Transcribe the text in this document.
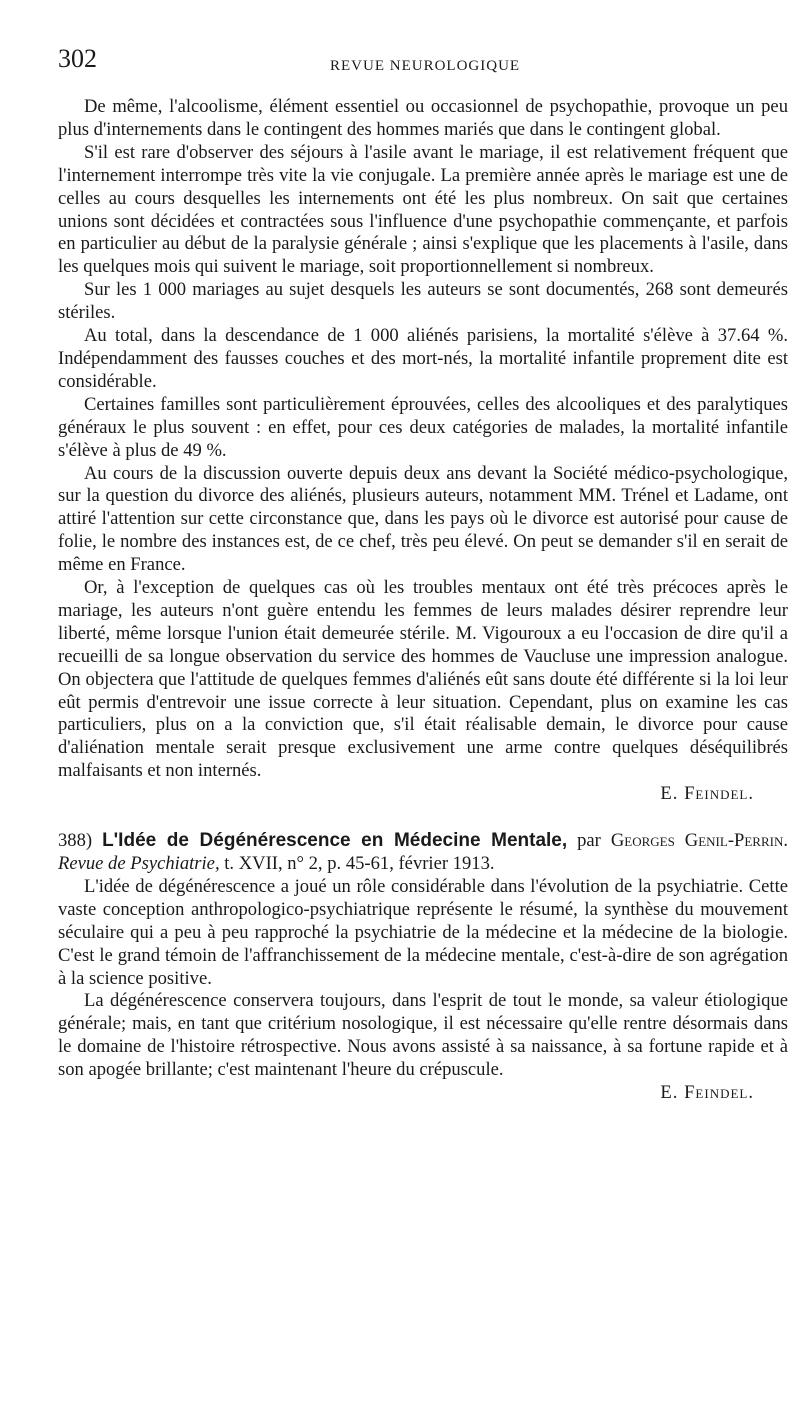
302	REVUE NEUROLOGIQUE

De même, l'alcoolisme, élément essentiel ou occasionnel de psychopathie, provoque un peu plus d'internements dans le contingent des hommes mariés que dans le contingent global.

S'il est rare d'observer des séjours à l'asile avant le mariage, il est relativement fréquent que l'internement interrompe très vite la vie conjugale. La première année après le mariage est une de celles au cours desquelles les internements ont été les plus nombreux. On sait que certaines unions sont décidées et contractées sous l'influence d'une psychopathie commençante, et parfois en particulier au début de la paralysie générale ; ainsi s'explique que les placements à l'asile, dans les quelques mois qui suivent le mariage, soit proportionnellement si nombreux.

Sur les 1 000 mariages au sujet desquels les auteurs se sont documentés, 268 sont demeurés stériles.

Au total, dans la descendance de 1 000 aliénés parisiens, la mortalité s'élève à 37.64 %. Indépendamment des fausses couches et des mort-nés, la mortalité infantile proprement dite est considérable.

Certaines familles sont particulièrement éprouvées, celles des alcooliques et des paralytiques généraux le plus souvent : en effet, pour ces deux catégories de malades, la mortalité infantile s'élève à plus de 49 %.

Au cours de la discussion ouverte depuis deux ans devant la Société médico-psychologique, sur la question du divorce des aliénés, plusieurs auteurs, notamment MM. Trénel et Ladame, ont attiré l'attention sur cette circonstance que, dans les pays où le divorce est autorisé pour cause de folie, le nombre des instances est, de ce chef, très peu élevé. On peut se demander s'il en serait de même en France.

Or, à l'exception de quelques cas où les troubles mentaux ont été très précoces après le mariage, les auteurs n'ont guère entendu les femmes de leurs malades désirer reprendre leur liberté, même lorsque l'union était demeurée stérile. M. Vigouroux a eu l'occasion de dire qu'il a recueilli de sa longue observation du service des hommes de Vaucluse une impression analogue. On objectera que l'attitude de quelques femmes d'aliénés eût sans doute été différente si la loi leur eût permis d'entrevoir une issue correcte à leur situation. Cependant, plus on examine les cas particuliers, plus on a la conviction que, s'il était réalisable demain, le divorce pour cause d'aliénation mentale serait presque exclusivement une arme contre quelques déséquilibrés malfaisants et non internés.

E. Feindel.

388) L'Idée de Dégénérescence en Médecine Mentale, par Georges Genil-Perrin. Revue de Psychiatrie, t. XVII, n° 2, p. 45-61, février 1913.

L'idée de dégénérescence a joué un rôle considérable dans l'évolution de la psychiatrie. Cette vaste conception anthropologico-psychiatrique représente le résumé, la synthèse du mouvement séculaire qui a peu à peu rapproché la psychiatrie de la médecine et la médecine de la biologie. C'est le grand témoin de l'affranchissement de la médecine mentale, c'est-à-dire de son agrégation à la science positive.

La dégénérescence conservera toujours, dans l'esprit de tout le monde, sa valeur étiologique générale; mais, en tant que critérium nosologique, il est nécessaire qu'elle rentre désormais dans le domaine de l'histoire rétrospective. Nous avons assisté à sa naissance, à sa fortune rapide et à son apogée brillante; c'est maintenant l'heure du crépuscule.

E. Feindel.
